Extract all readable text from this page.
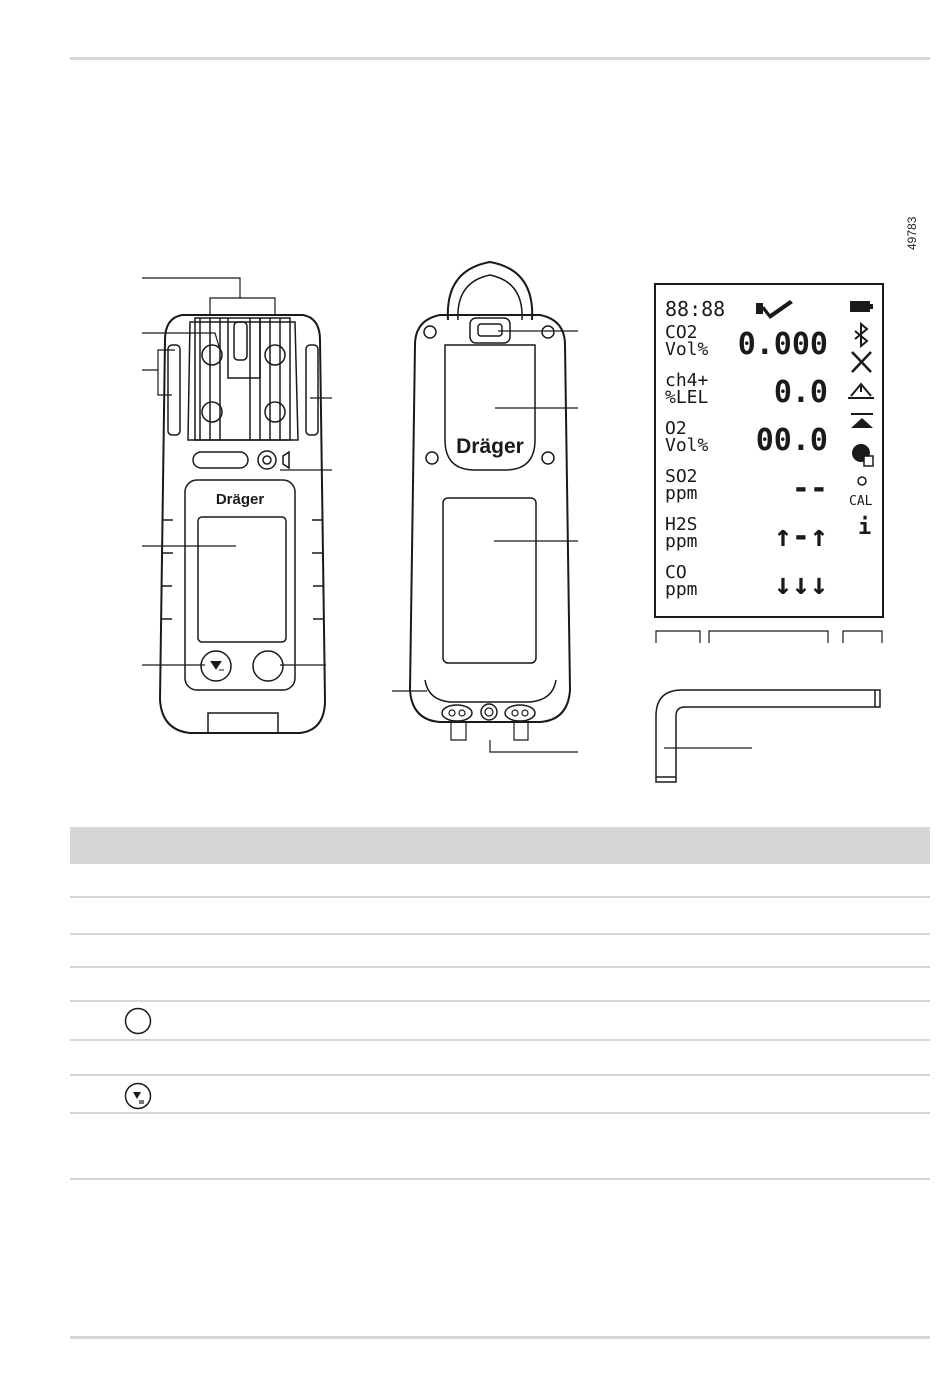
49783
Dräger
Dräger
88:88
CAL
i
CO2
Vol% 0.000
ch4+
%LEL 0.0
O2
Vol% 00.0
SO2
ppm	--
H2S
ppm	↑-↑
CO
ppm	↓↓↓
